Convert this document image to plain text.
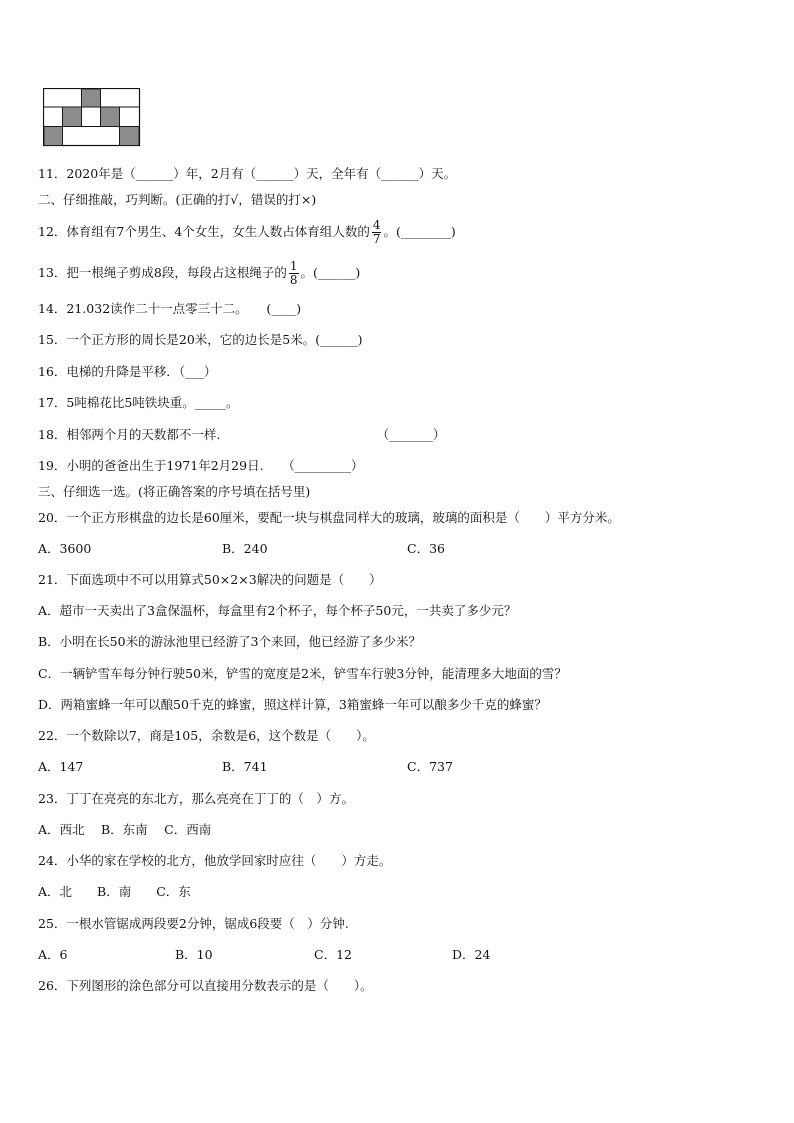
11．2020年是（______）年，2月有（______）天，全年有（______）天。
二、仔细推敲，巧判断。(正确的打√，错误的打×)
12．体育组有7个男生、4个女生，女生人数占体育组人数的 $\frac{4}{7}$ 。(________)
13．把一根绳子剪成8段，每段占这根绳子的 $\frac{1}{8}$ 。(______)
14．21.032读作二十一点零三十二。　　(____)
15．一个正方形的周长是20米，它的边长是5米。(______)
16．电梯的升降是平移．（___）
17．5吨棉花比5吨铁块重。_____。
18．相邻两个月的天数都不一样.　　　　　　　　　　　　　（_______）
19．小明的爸爸出生于1971年2月29日.　　（_________）
三、仔细选一选。(将正确答案的序号填在括号里)
20．一个正方形棋盘的边长是60厘米，要配一块与棋盘同样大的玻璃，玻璃的面积是（　　）平方分米。
A．3600	B．240	C．36
21．下面选项中不可以用算式50×2×3解决的问题是（　　）
A．超市一天卖出了3盒保温杯，每盒里有2个杯子，每个杯子50元，一共卖了多少元？
B．小明在长50米的游泳池里已经游了3个来回，他已经游了多少米？
C．一辆铲雪车每分钟行驶50米，铲雪的宽度是2米，铲雪车行驶3分钟，能清理多大地面的雪？
D．两箱蜜蜂一年可以酿50千克的蜂蜜，照这样计算，3箱蜜蜂一年可以酿多少千克的蜂蜜？
22．一个数除以7，商是105，余数是6，这个数是（　　）。
A．147	B．741	C．737
23．丁丁在亮亮的东北方，那么亮亮在丁丁的（　）方。
A．西北　 B．东南　 C．西南
24．小华的家在学校的北方，他放学回家时应往（　　）方走。
A．北　　B．南　　C．东
25．一根水管锯成两段要2分钟，锯成6段要（　）分钟.
A．6	B．10	C．12	D．24
26．下列图形的涂色部分可以直接用分数表示的是（　　）。
